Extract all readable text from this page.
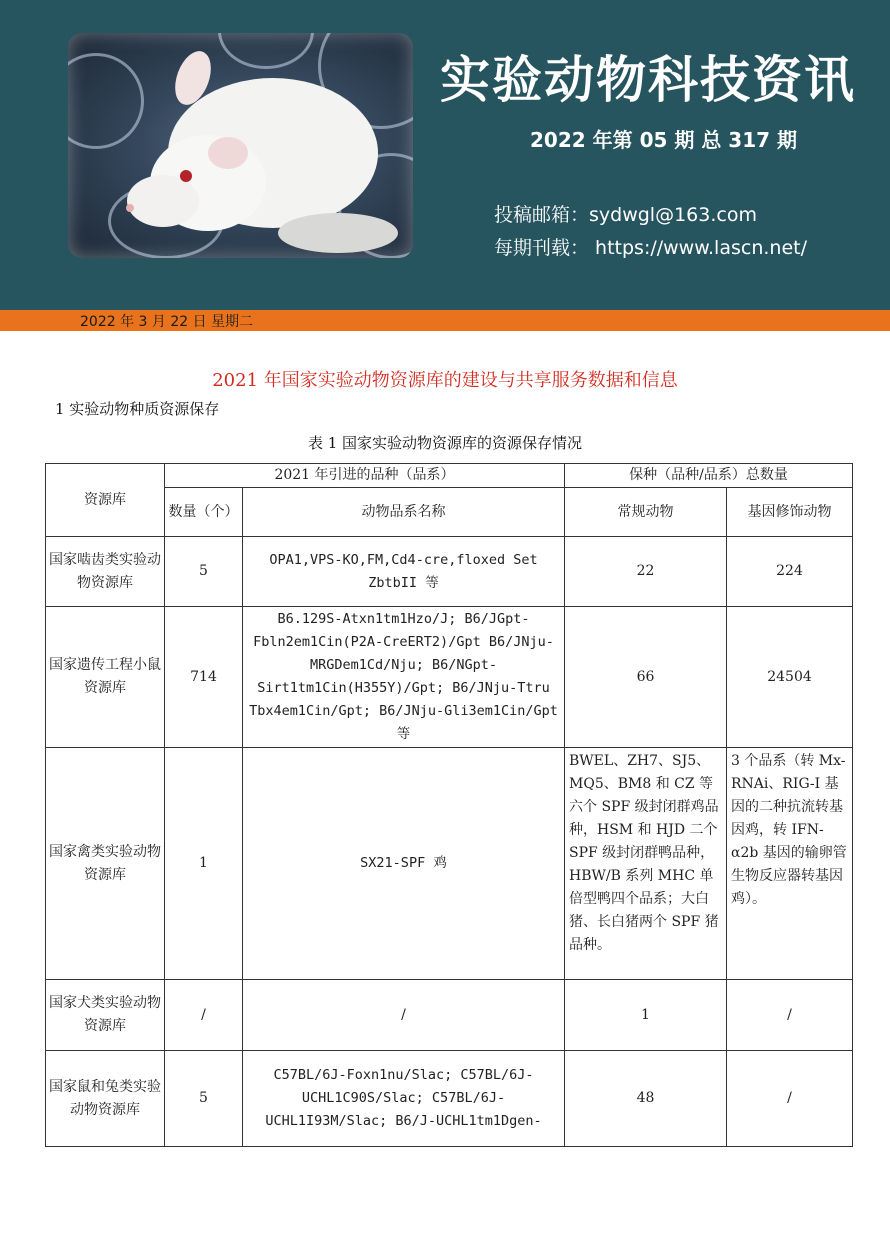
实验动物科技资讯
2022 年第 05 期 总 317 期
投稿邮箱：sydwgl@163.com
每期刊载： https://www.lascn.net/
2022 年 3 月 22 日 星期二
2021 年国家实验动物资源库的建设与共享服务数据和信息
1 实验动物种质资源保存
表 1 国家实验动物资源库的资源保存情况
资源库	2021 年引进的品种（品系）		保种（品种/品系）总数量	
	数量（个）	动物品系名称	常规动物	基因修饰动物
国家啮齿类实验动物资源库	5	OPA1,VPS-KO,FM,Cd4-cre,floxed Set ZbtbII 等	22	224
国家遗传工程小鼠资源库	714	B6.129S-Atxn1tm1Hzo/J; B6/JGpt-Fbln2em1Cin(P2A-CreERT2)/Gpt B6/JNju-MRGDem1Cd/Nju; B6/NGpt-Sirt1tm1Cin(H355Y)/Gpt; B6/JNju-Ttru Tbx4em1Cin/Gpt; B6/JNju-Gli3em1Cin/Gpt 等	66	24504
国家禽类实验动物资源库	1	SX21-SPF 鸡	BWEL、ZH7、SJ5、MQ5、BM8 和 CZ 等六个 SPF 级封闭群鸡品种，HSM 和 HJD 二个 SPF 级封闭群鸭品种，HBW/B 系列 MHC 单倍型鸭四个品系；大白猪、长白猪两个 SPF 猪品种。	3 个品系（转 Mx-RNAi、RIG-I 基因的二种抗流转基因鸡，转 IFN-α2b 基因的输卵管生物反应器转基因鸡）。
国家犬类实验动物资源库	/	/	1	/
国家鼠和兔类实验动物资源库	5	C57BL/6J-Foxn1nu/Slac; C57BL/6J-UCHL1C90S/Slac; C57BL/6J-UCHL1I93M/Slac; B6/J-UCHL1tm1Dgen-	48	/
